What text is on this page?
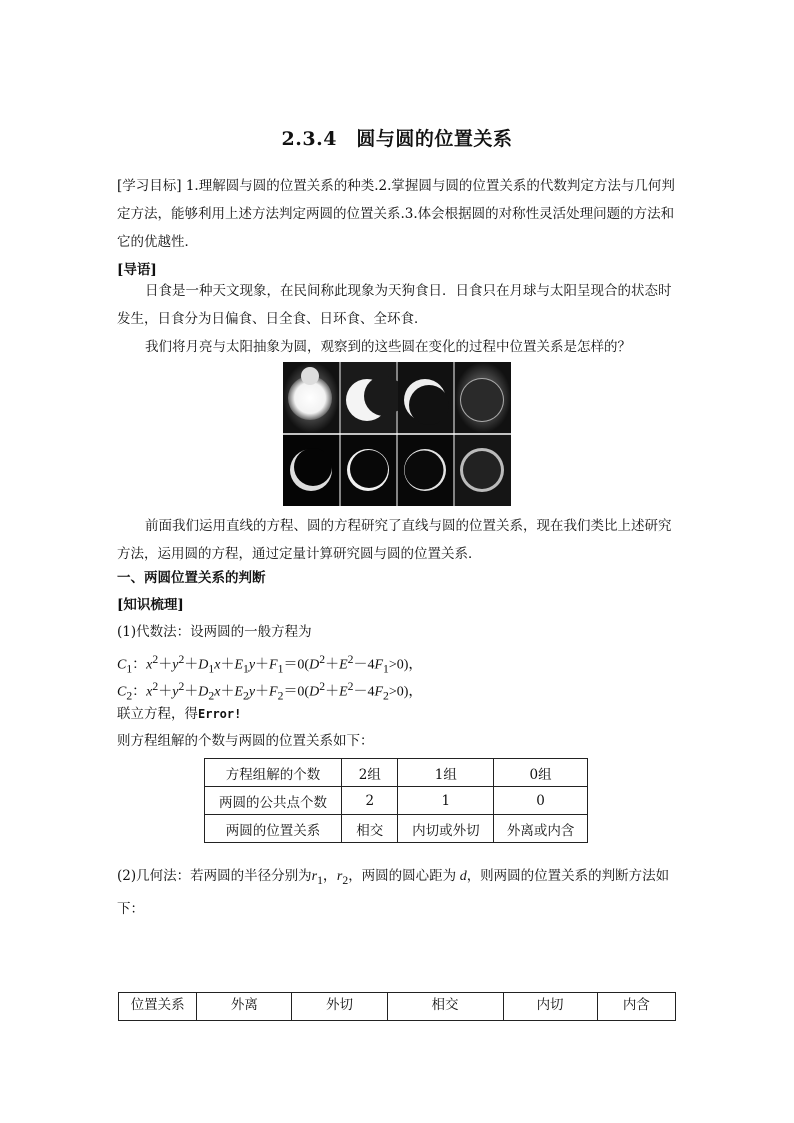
2.3.4　圆与圆的位置关系
[学习目标] 1.理解圆与圆的位置关系的种类.2.掌握圆与圆的位置关系的代数判定方法与几何判定方法，能够利用上述方法判定两圆的位置关系.3.体会根据圆的对称性灵活处理问题的方法和它的优越性．
[导语]
日食是一种天文现象，在民间称此现象为天狗食日．日食只在月球与太阳呈现合的状态时发生，日食分为日偏食、日全食、日环食、全环食．
我们将月亮与太阳抽象为圆，观察到的这些圆在变化的过程中位置关系是怎样的？
前面我们运用直线的方程、圆的方程研究了直线与圆的位置关系，现在我们类比上述研究方法，运用圆的方程，通过定量计算研究圆与圆的位置关系．
一、两圆位置关系的判断
[知识梳理]
(1)代数法：设两圆的一般方程为
$C_1$：$x^2+y^2+D_1x+E_1y+F_1=0(D^2+E^2-4F_1>0)$，
$C_2$：$x^2+y^2+D_2x+E_2y+F_2=0(D^2+E^2-4F_2>0)$，
联立方程，得Error!
则方程组解的个数与两圆的位置关系如下：
方程组解的个数	2组	1组	0组
两圆的公共点个数	2	1	0
两圆的位置关系	相交	内切或外切	外离或内含
(2)几何法：若两圆的半径分别为$r_1$，$r_2$，两圆的圆心距为 d，则两圆的位置关系的判断方法如下：
位置关系	外离	外切	相交	内切	内含
